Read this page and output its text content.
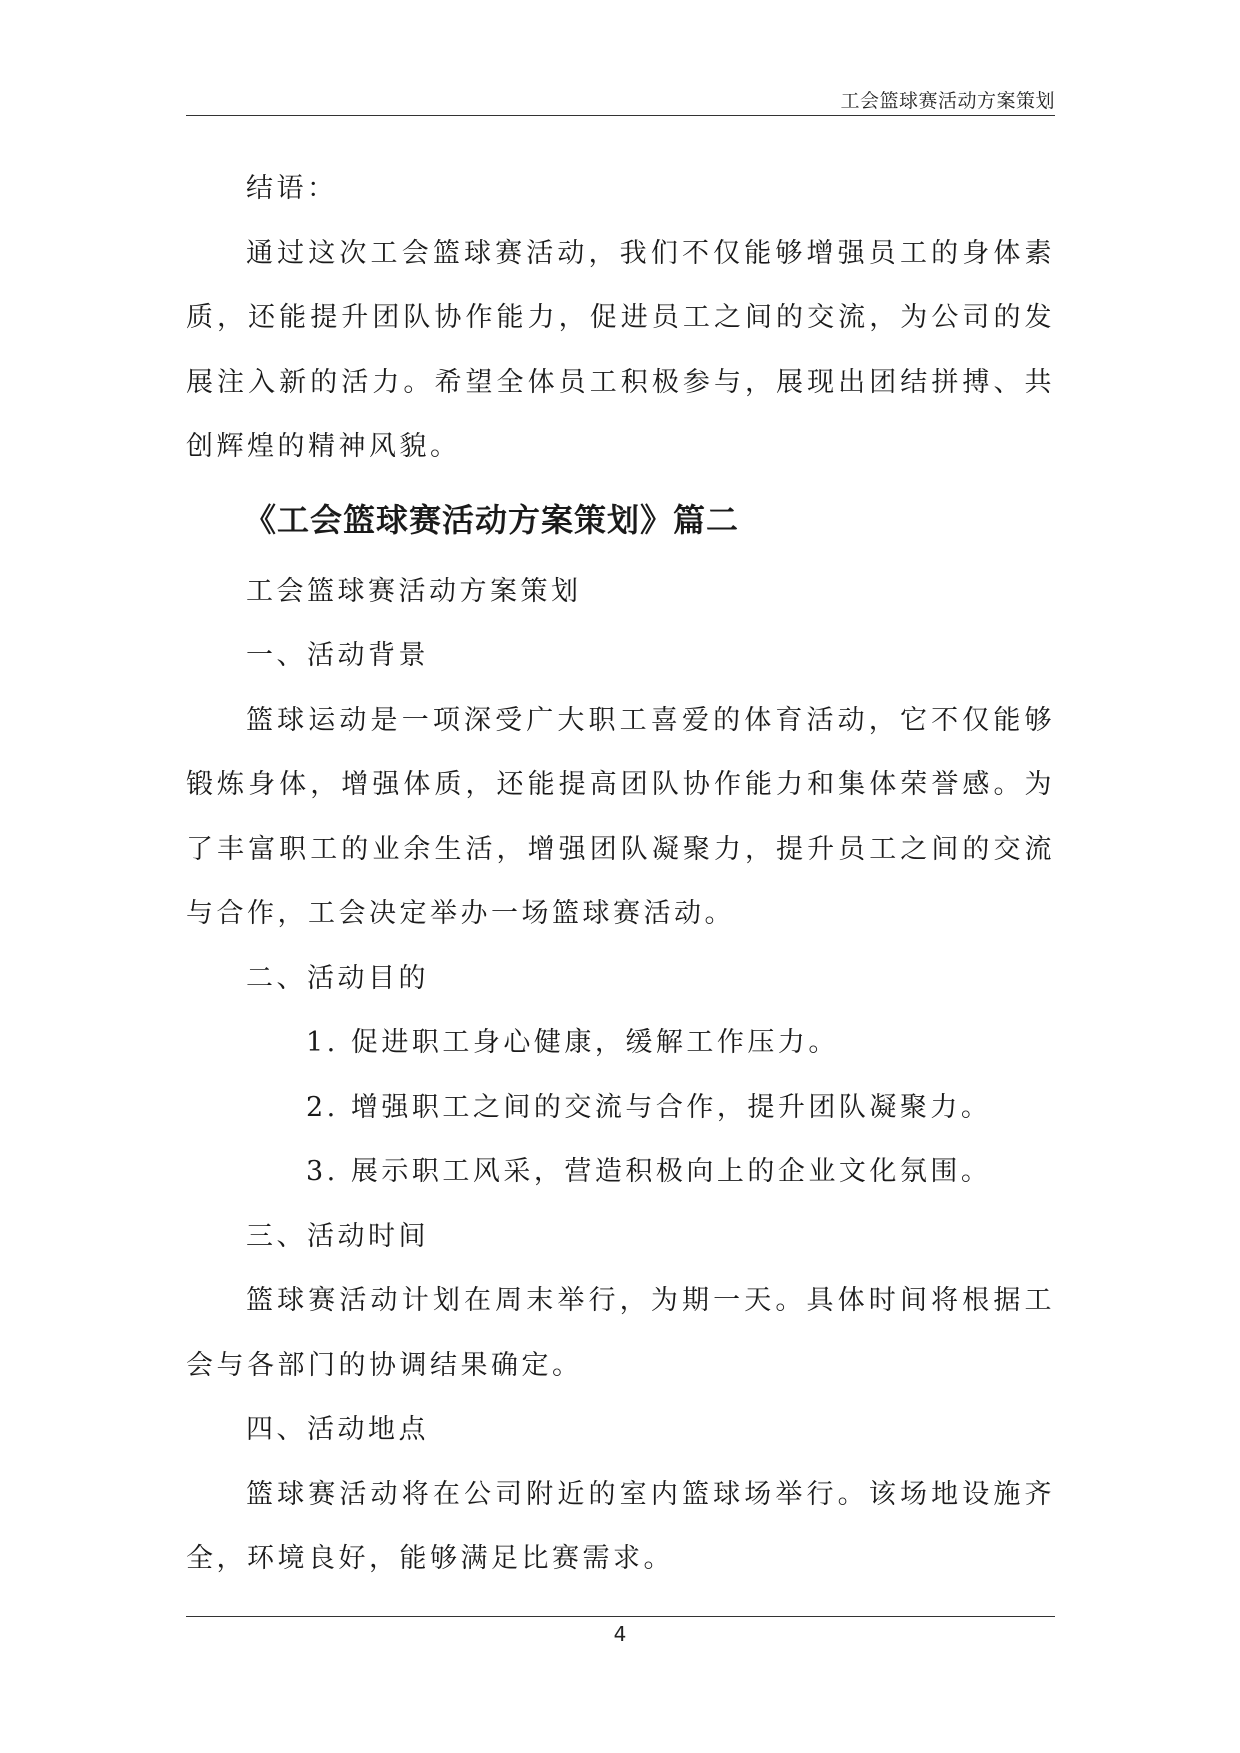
工会篮球赛活动方案策划

结语：

通过这次工会篮球赛活动，我们不仅能够增强员工的身体素质，还能提升团队协作能力，促进员工之间的交流，为公司的发展注入新的活力。希望全体员工积极参与，展现出团结拼搏、共创辉煌的精神风貌。

《工会篮球赛活动方案策划》篇二

工会篮球赛活动方案策划

一、活动背景

篮球运动是一项深受广大职工喜爱的体育活动，它不仅能够锻炼身体，增强体质，还能提高团队协作能力和集体荣誉感。为了丰富职工的业余生活，增强团队凝聚力，提升员工之间的交流与合作，工会决定举办一场篮球赛活动。

二、活动目的

1. 促进职工身心健康，缓解工作压力。

2. 增强职工之间的交流与合作，提升团队凝聚力。

3. 展示职工风采，营造积极向上的企业文化氛围。

三、活动时间

篮球赛活动计划在周末举行，为期一天。具体时间将根据工会与各部门的协调结果确定。

四、活动地点

篮球赛活动将在公司附近的室内篮球场举行。该场地设施齐全，环境良好，能够满足比赛需求。

4
